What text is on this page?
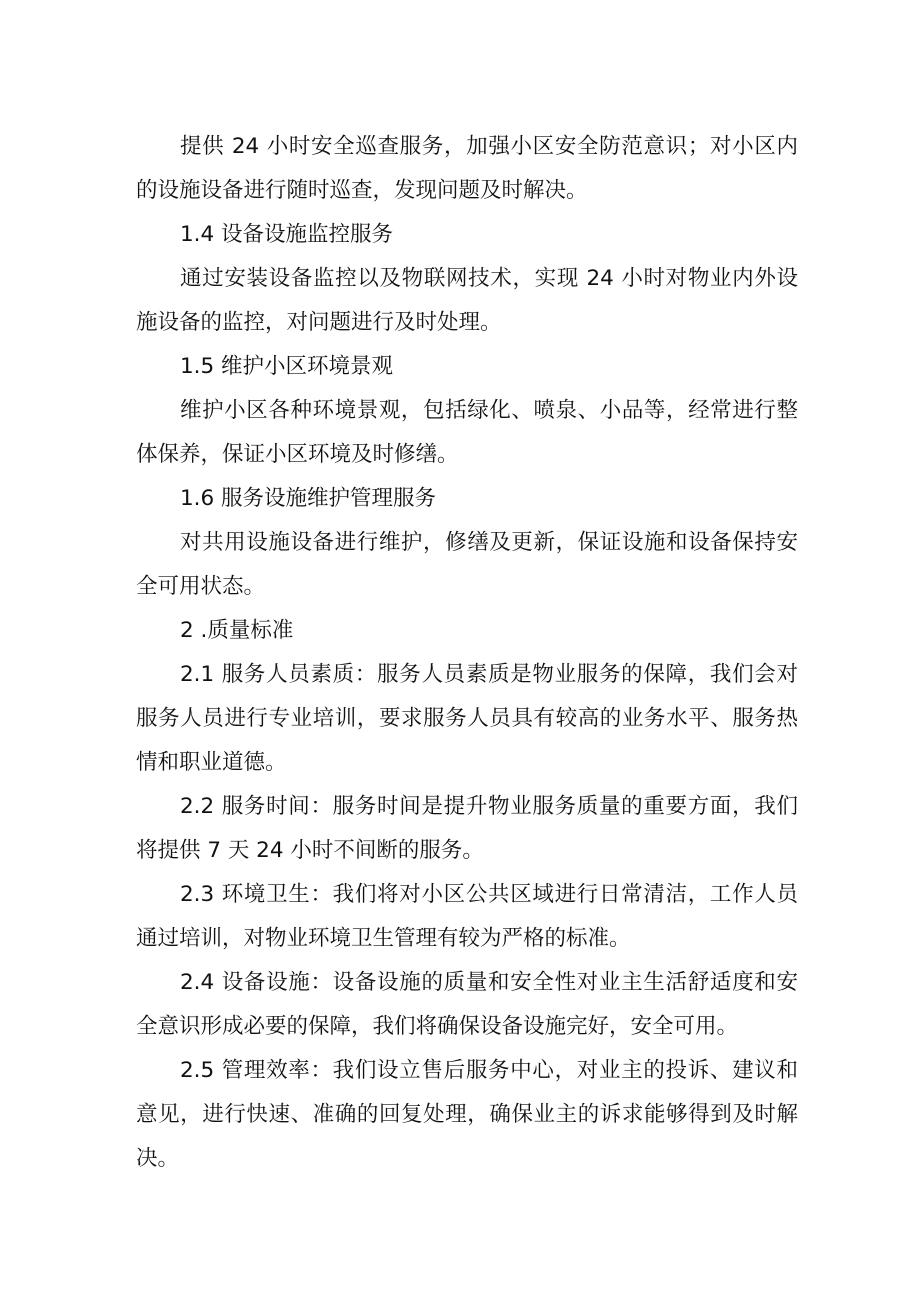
提供 24 小时安全巡查服务，加强小区安全防范意识；对小区内的设施设备进行随时巡查，发现问题及时解决。

1.4 设备设施监控服务

通过安装设备监控以及物联网技术，实现 24 小时对物业内外设施设备的监控，对问题进行及时处理。

1.5 维护小区环境景观

维护小区各种环境景观，包括绿化、喷泉、小品等，经常进行整体保养，保证小区环境及时修缮。

1.6 服务设施维护管理服务

对共用设施设备进行维护，修缮及更新，保证设施和设备保持安全可用状态。

2 .质量标准

2.1 服务人员素质：服务人员素质是物业服务的保障，我们会对服务人员进行专业培训，要求服务人员具有较高的业务水平、服务热情和职业道德。

2.2 服务时间：服务时间是提升物业服务质量的重要方面，我们将提供 7 天 24 小时不间断的服务。

2.3 环境卫生：我们将对小区公共区域进行日常清洁，工作人员通过培训，对物业环境卫生管理有较为严格的标准。

2.4 设备设施：设备设施的质量和安全性对业主生活舒适度和安全意识形成必要的保障，我们将确保设备设施完好，安全可用。

2.5 管理效率：我们设立售后服务中心，对业主的投诉、建议和意见，进行快速、准确的回复处理，确保业主的诉求能够得到及时解决。
